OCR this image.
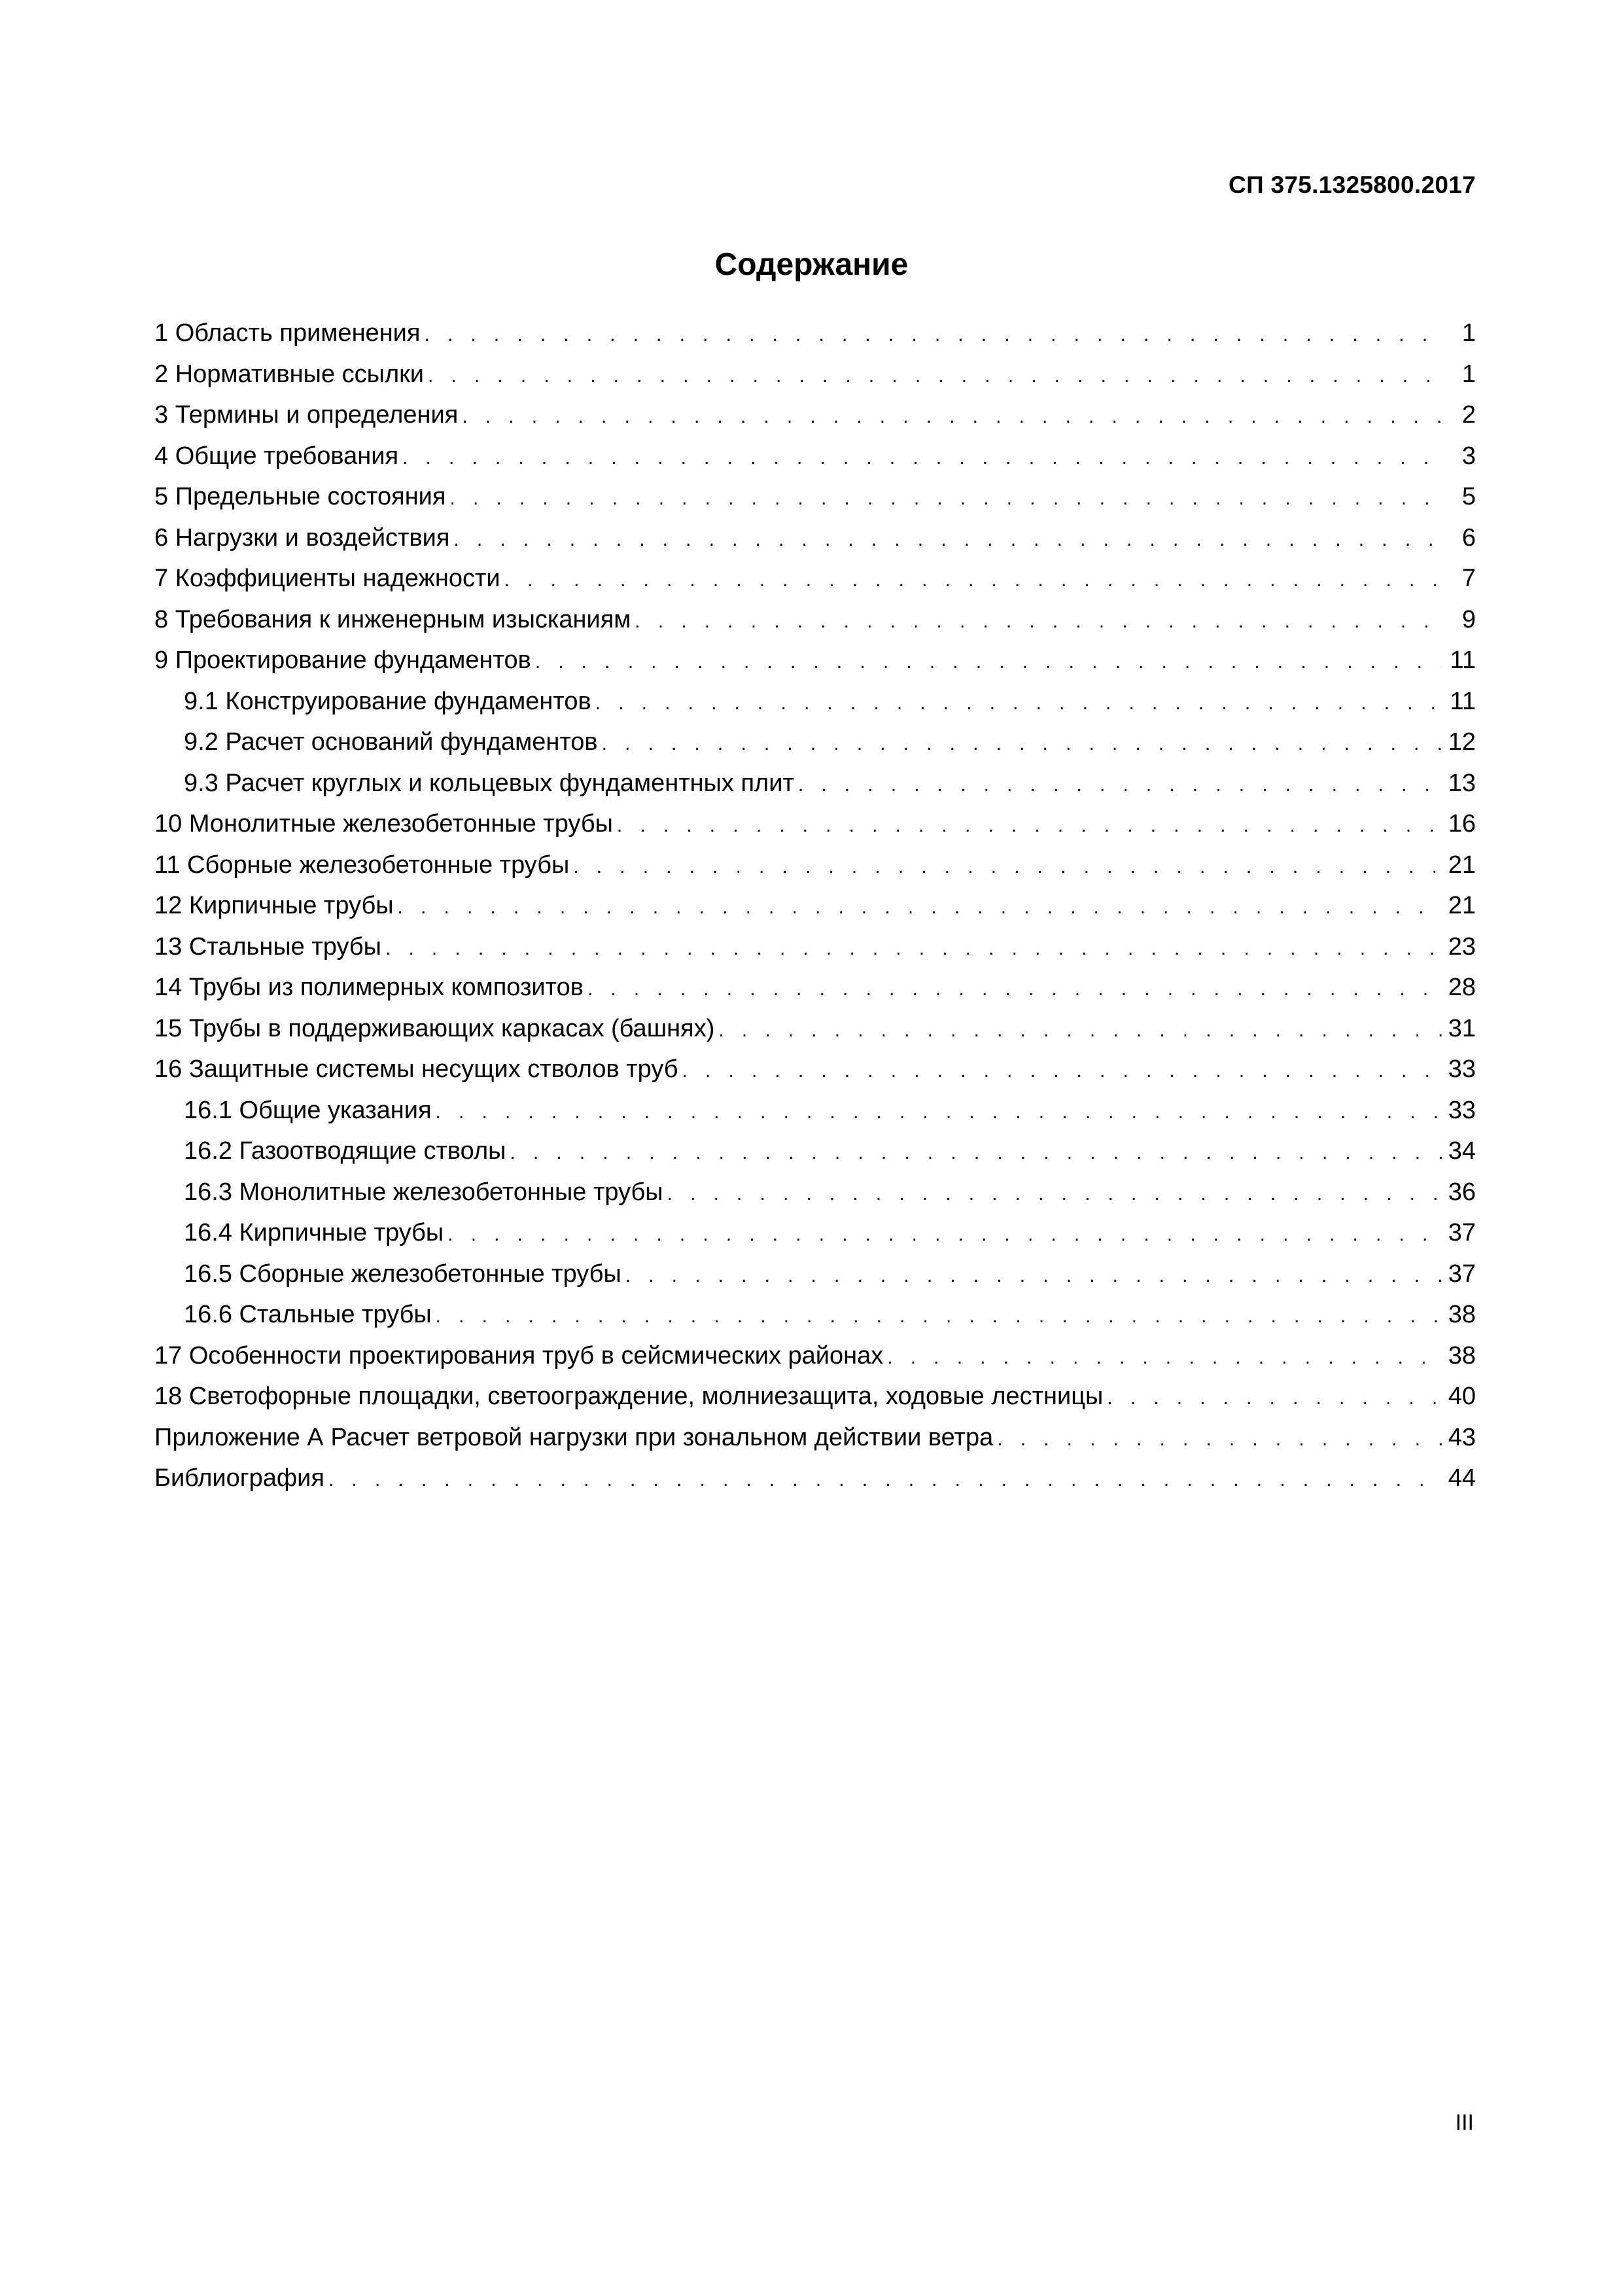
СП 375.1325800.2017
Содержание
1 Область применения . . .	1
2 Нормативные ссылки . . .	1
3 Термины и определения . . .	2
4 Общие требования . . .	3
5 Предельные состояния . . .	5
6 Нагрузки и воздействия . . .	6
7 Коэффициенты надежности . . .	7
8 Требования к инженерным изысканиям . . .	9
9 Проектирование фундаментов . . .	11
9.1 Конструирование фундаментов . . .	11
9.2 Расчет оснований фундаментов . . .	12
9.3 Расчет круглых и кольцевых фундаментных плит . . .	13
10 Монолитные железобетонные трубы . . .	16
11 Сборные железобетонные трубы . . .	21
12 Кирпичные трубы . . .	21
13 Стальные трубы . . .	23
14 Трубы из полимерных композитов . . .	28
15 Трубы в поддерживающих каркасах (башнях) . . .	31
16 Защитные системы несущих стволов труб . . .	33
16.1 Общие указания . . .	33
16.2 Газоотводящие стволы . . .	34
16.3 Монолитные железобетонные трубы . . .	36
16.4 Кирпичные трубы . . .	37
16.5 Сборные железобетонные трубы . . .	37
16.6 Стальные трубы . . .	38
17 Особенности проектирования труб в сейсмических районах . . .	38
18 Светофорные площадки, светоограждение, молниезащита, ходовые лестницы . . .	40
Приложение А Расчет ветровой нагрузки при зональном действии ветра . . .	43
Библиография . . .	44
III
